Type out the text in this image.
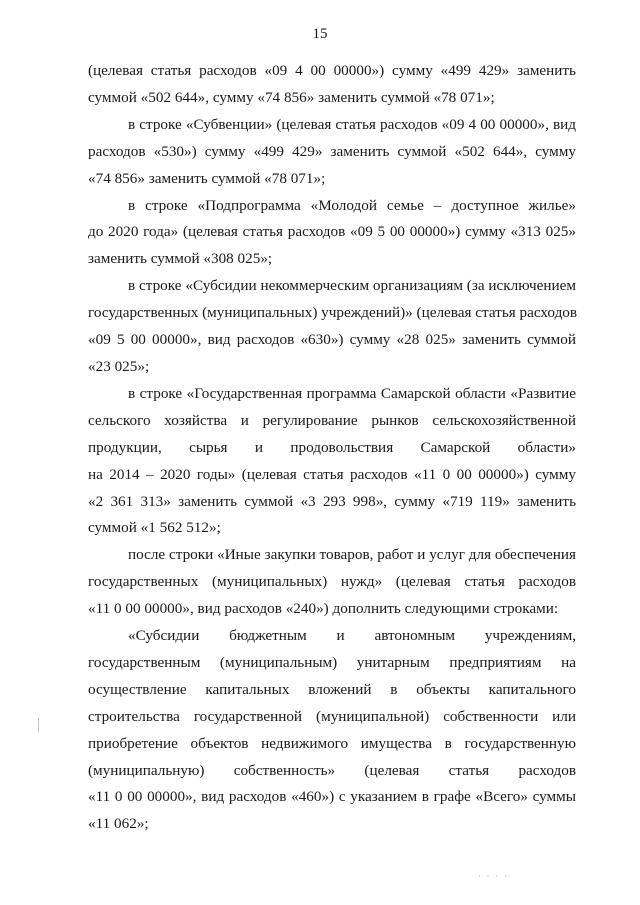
15

(целевая статья расходов «09 4 00 00000») сумму «499 429» заменить
суммой «502 644», сумму «74 856» заменить суммой «78 071»;

в строке «Субвенции» (целевая статья расходов «09 4 00 00000», вид
расходов «530») сумму «499 429» заменить суммой «502 644», сумму
«74 856» заменить суммой «78 071»;

в строке «Подпрограмма «Молодой семье – доступное жилье»
до 2020 года» (целевая статья расходов «09 5 00 00000») сумму «313 025»
заменить суммой «308 025»;

в строке «Субсидии некоммерческим организациям (за исключением
государственных (муниципальных) учреждений)» (целевая статья расходов
«09 5 00 00000», вид расходов «630») сумму «28 025» заменить суммой
«23 025»;

в строке «Государственная программа Самарской области «Развитие
сельского хозяйства и регулирование рынков сельскохозяйственной
продукции, сырья и продовольствия Самарской области»
на 2014 – 2020 годы» (целевая статья расходов «11 0 00 00000») сумму
«2 361 313» заменить суммой «3 293 998», сумму «719 119» заменить
суммой «1 562 512»;

после строки «Иные закупки товаров, работ и услуг для обеспечения
государственных (муниципальных) нужд» (целевая статья расходов
«11 0 00 00000», вид расходов «240») дополнить следующими строками:

«Субсидии бюджетным и автономным учреждениям,
государственным (муниципальным) унитарным предприятиям на
осуществление капитальных вложений в объекты капитального
строительства государственной (муниципальной) собственности или
приобретение объектов недвижимого имущества в государственную
(муниципальную) собственность» (целевая статья расходов
«11 0 00 00000», вид расходов «460») с указанием в графе «Всего» суммы
«11 062»;

· · · ·
